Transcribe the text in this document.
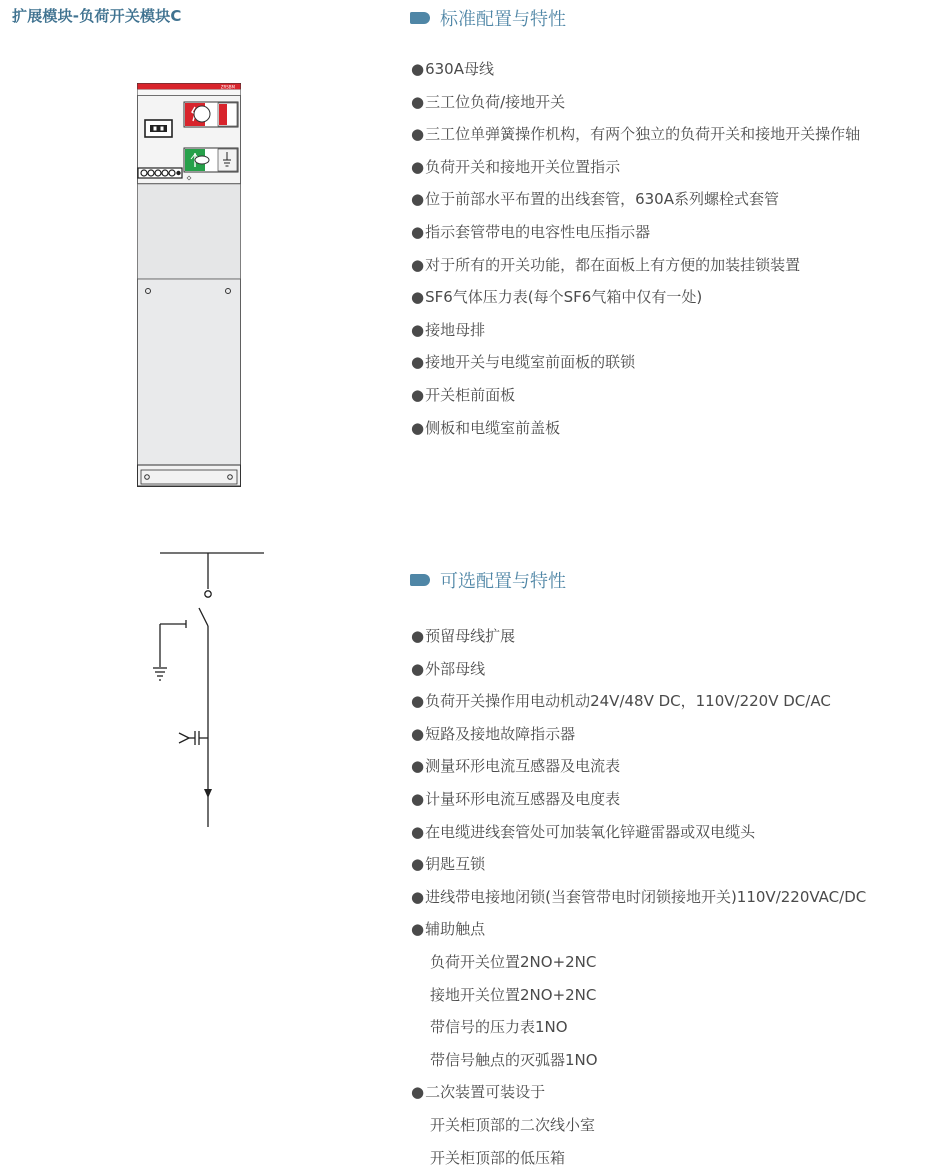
扩展模块-负荷开关模块C
ZRSBM
标准配置与特性
●630A母线
●三工位负荷/接地开关
●三工位单弹簧操作机构，有两个独立的负荷开关和接地开关操作轴
●负荷开关和接地开关位置指示
●位于前部水平布置的出线套管，630A系列螺栓式套管
●指示套管带电的电容性电压指示器
●对于所有的开关功能，都在面板上有方便的加装挂锁装置
●SF6气体压力表(每个SF6气箱中仅有一处)
●接地母排
●接地开关与电缆室前面板的联锁
●开关柜前面板
●侧板和电缆室前盖板
可选配置与特性
●预留母线扩展
●外部母线
●负荷开关操作用电动机动24V/48V DC，110V/220V DC/AC
●短路及接地故障指示器
●测量环形电流互感器及电流表
●计量环形电流互感器及电度表
●在电缆进线套管处可加装氧化锌避雷器或双电缆头
●钥匙互锁
●进线带电接地闭锁(当套管带电时闭锁接地开关)110V/220VAC/DC
●辅助触点
负荷开关位置2NO+2NC
接地开关位置2NO+2NC
带信号的压力表1NO
带信号触点的灭弧器1NO
●二次装置可装设于
开关柜顶部的二次线小室
开关柜顶部的低压箱
